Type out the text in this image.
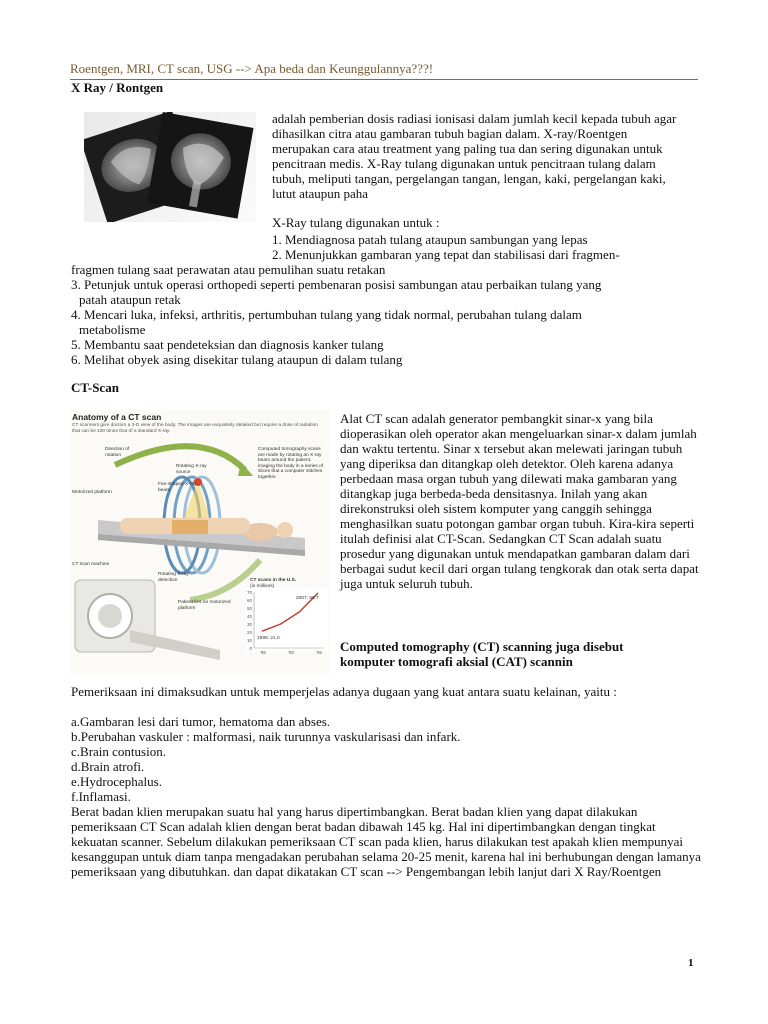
Roentgen, MRI, CT scan, USG --> Apa beda dan Keunggulannya???!
X Ray / Rontgen

adalah pemberian dosis radiasi ionisasi dalam jumlah kecil kepada tubuh agar dihasilkan citra atau gambaran tubuh bagian dalam. X-ray/Roentgen merupakan cara atau treatment yang paling tua dan sering digunakan untuk pencitraan medis. X-Ray tulang digunakan untuk pencitraan tulang dalam tubuh, meliputi tangan, pergelangan tangan, lengan, kaki, pergelangan kaki, lutut ataupun paha

X-Ray tulang digunakan untuk :

1. Mendiagnosa patah tulang ataupun sambungan yang lepas

2. Menunjukkan gambaran yang tepat dan stabilisasi dari fragmen-

fragmen tulang saat perawatan atau pemulihan suatu retakan

3. Petunjuk untuk operasi orthopedi seperti pembenaran posisi sambungan atau perbaikan tulang yang

patah ataupun retak

4. Mencari luka, infeksi, arthritis, pertumbuhan tulang yang tidak normal, perubahan tulang dalam

metabolisme

5. Membantu saat pendeteksian dan diagnosis kanker tulang

6. Melihat obyek asing disekitar tulang ataupun di dalam tulang

CT-Scan
Anatomy of a CT scan
CT scanners give doctors a 3-D view of the body. The images are exquisitely detailed but require a dose of radiation that can be 100 times that of a standard X-ray.
70
60
50
40
30
20
10
0
'95	'00	'05
Direction of rotation
Computed tomography scans are made by rotating an X-ray beam around the patient, imaging the body in a series of slices that a computer stitches together.
Rotating X-ray source
Fan-shaped X-ray beam
Motorized platform
CT scan machine
Rotating X-ray detection
Patient lies on motorized platform
CT scans in the U.S.
(in millions)
2007: 68.7
1995: 21.0

Alat CT scan adalah generator pembangkit sinar-x yang bila dioperasikan oleh operator akan mengeluarkan sinar-x dalam jumlah dan waktu tertentu. Sinar x tersebut akan melewati jaringan tubuh yang diperiksa dan ditangkap oleh detektor. Oleh karena adanya perbedaan masa organ tubuh yang dilewati maka gambaran yang ditangkap juga berbeda-beda densitasnya. Inilah yang akan direkonstruksi oleh sistem komputer yang canggih sehingga menghasilkan suatu potongan gambar organ tubuh. Kira-kira seperti itulah definisi alat CT-Scan. Sedangkan CT Scan adalah suatu prosedur yang digunakan untuk mendapatkan gambaran dalam dari berbagai sudut kecil dari organ tulang tengkorak dan otak serta dapat juga untuk seluruh tubuh.

Computed tomography (CT) scanning juga disebut

komputer tomografi aksial (CAT) scannin

Pemeriksaan ini dimaksudkan untuk memperjelas adanya dugaan yang kuat antara suatu kelainan, yaitu :

a.Gambaran lesi dari tumor, hematoma dan abses.

b.Perubahan vaskuler : malformasi, naik turunnya vaskularisasi dan infark.

c.Brain contusion.

d.Brain atrofi.

e.Hydrocephalus.

f.Inflamasi.

Berat badan klien merupakan suatu hal yang harus dipertimbangkan. Berat badan klien yang dapat dilakukan pemeriksaan CT Scan adalah klien dengan berat badan dibawah 145 kg. Hal ini dipertimbangkan dengan tingkat kekuatan scanner. Sebelum dilakukan pemeriksaan CT scan pada klien, harus dilakukan test apakah klien mempunyai kesanggupan untuk diam tanpa mengadakan perubahan selama 20-25 menit, karena hal ini berhubungan dengan lamanya pemeriksaan yang dibutuhkan. dan dapat dikatakan CT scan --> Pengembangan lebih lanjut dari X Ray/Roentgen

1
